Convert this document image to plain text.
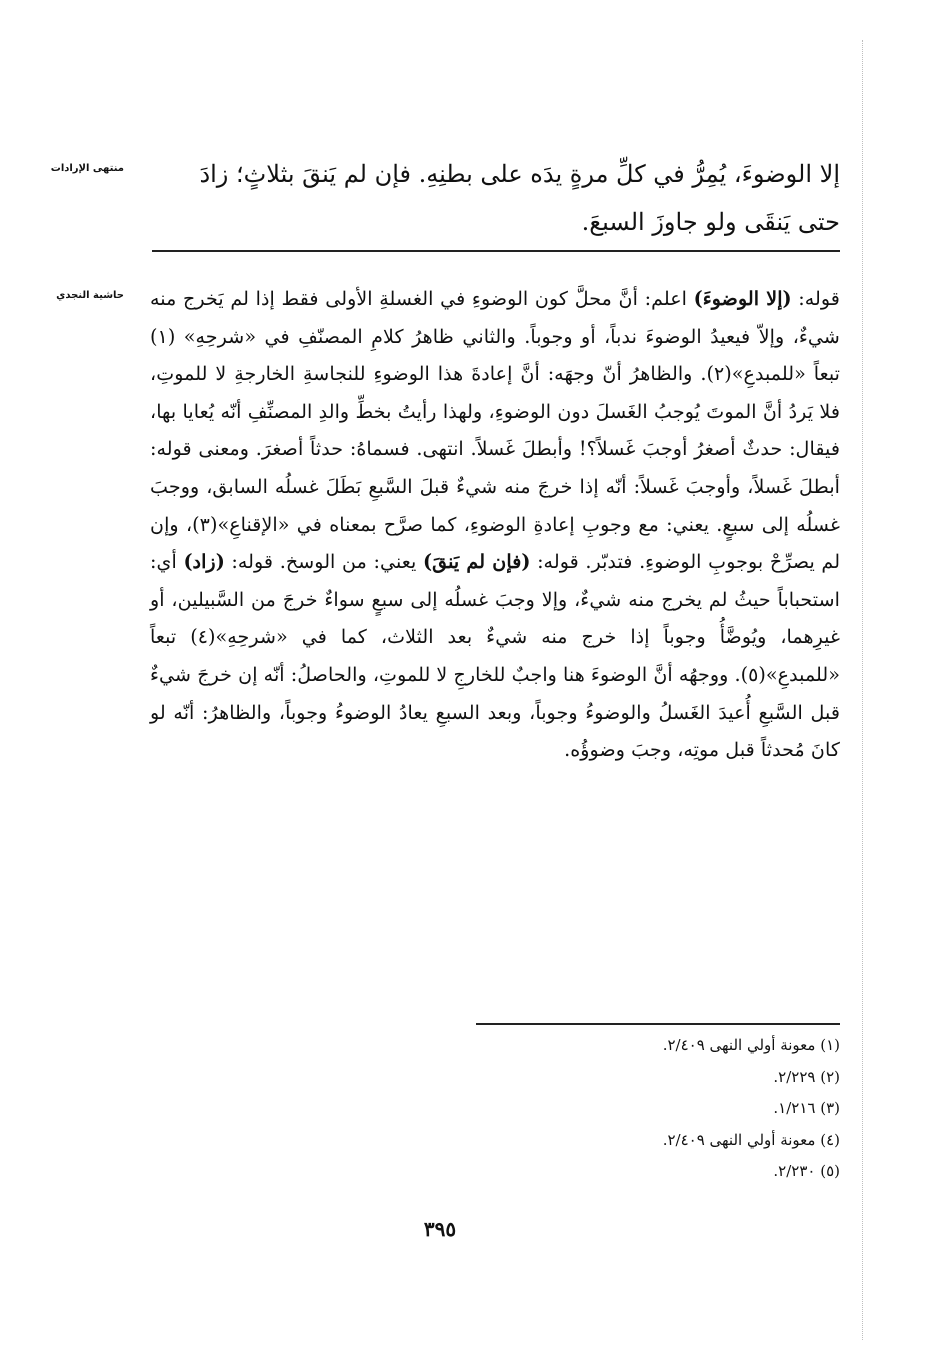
منتهى الإرادات
حاشية النجدي

إلا الوضوءَ، يُمِرُّ في كلِّ مرةٍ يدَه على بطنِهِ. فإن لم يَنقَ بثلاثٍ؛ زادَ

حتى يَنقَى ولو جاوزَ السبعَ.

قوله: (إلا الوضوءَ) اعلم: أنَّ محلَّ كون الوضوءِ في الغسلةِ الأولى فقط إذا لم يَخرج منه شيءٌ، وإلاّ فيعيدُ الوضوءَ ندباً، أو وجوباً. والثاني ظاهرُ كلامِ المصنّفِ في «شرحِهِ» (١) تبعاً «للمبدعِ»(٢). والظاهرُ أنّ وجهَه: أنَّ إعادةَ هذا الوضوءِ للنجاسةِ الخارجةِ لا للموتِ، فلا يَردُ أنَّ الموتَ يُوجبُ الغَسلَ دون الوضوءِ، ولهذا رأيتُ بخطِّ والدِ المصنِّفِ أنّه يُعايا بها، فيقال: حدثٌ أصغرُ أوجبَ غَسلاً؟! وأبطلَ غَسلاً. انتهى. فسماهُ: حدثاً أصغرَ. ومعنى قوله: أبطلَ غَسلاً، وأوجبَ غَسلاً: أنّه إذا خرجَ منه شيءٌ قبلَ السَّبعِ بَطَلَ غسلُه السابق، ووجبَ غسلُه إلى سبعٍ. يعني: مع وجوبِ إعادةِ الوضوءِ، كما صرَّح بمعناه في «الإقناعِ»(٣)، وإن لم يصرِّحْ بوجوبِ الوضوءِ. فتدبّر. قوله: (فإن لم يَنقَ) يعني: من الوسخ. قوله: (زاد) أي: استحباباً حيثُ لم يخرج منه شيءٌ، وإلا وجبَ غسلُه إلى سبعٍ سواءٌ خرجَ من السَّبيلين، أو غيرِهما، ويُوضَّأُ وجوباً إذا خرج منه شيءٌ بعد الثلاث، كما في «شرحِهِ»(٤) تبعاً «للمبدعِ»(٥). ووجهُه أنَّ الوضوءَ هنا واجبٌ للخارجِ لا للموتِ، والحاصلُ: أنّه إن خرجَ شيءٌ قبل السَّبعِ أُعيدَ الغَسلُ والوضوءُ وجوباً، وبعد السبعِ يعادُ الوضوءُ وجوباً، والظاهرُ: أنّه لو كانَ مُحدثاً قبل موتِه، وجبَ وضوؤُه.

(١) معونة أولي النهى ٢/٤٠٩.
(٢) ٢/٢٢٩.
(٣) ١/٢١٦.
(٤) معونة أولي النهى ٢/٤٠٩.
(٥) ٢/٢٣٠.
٣٩٥
